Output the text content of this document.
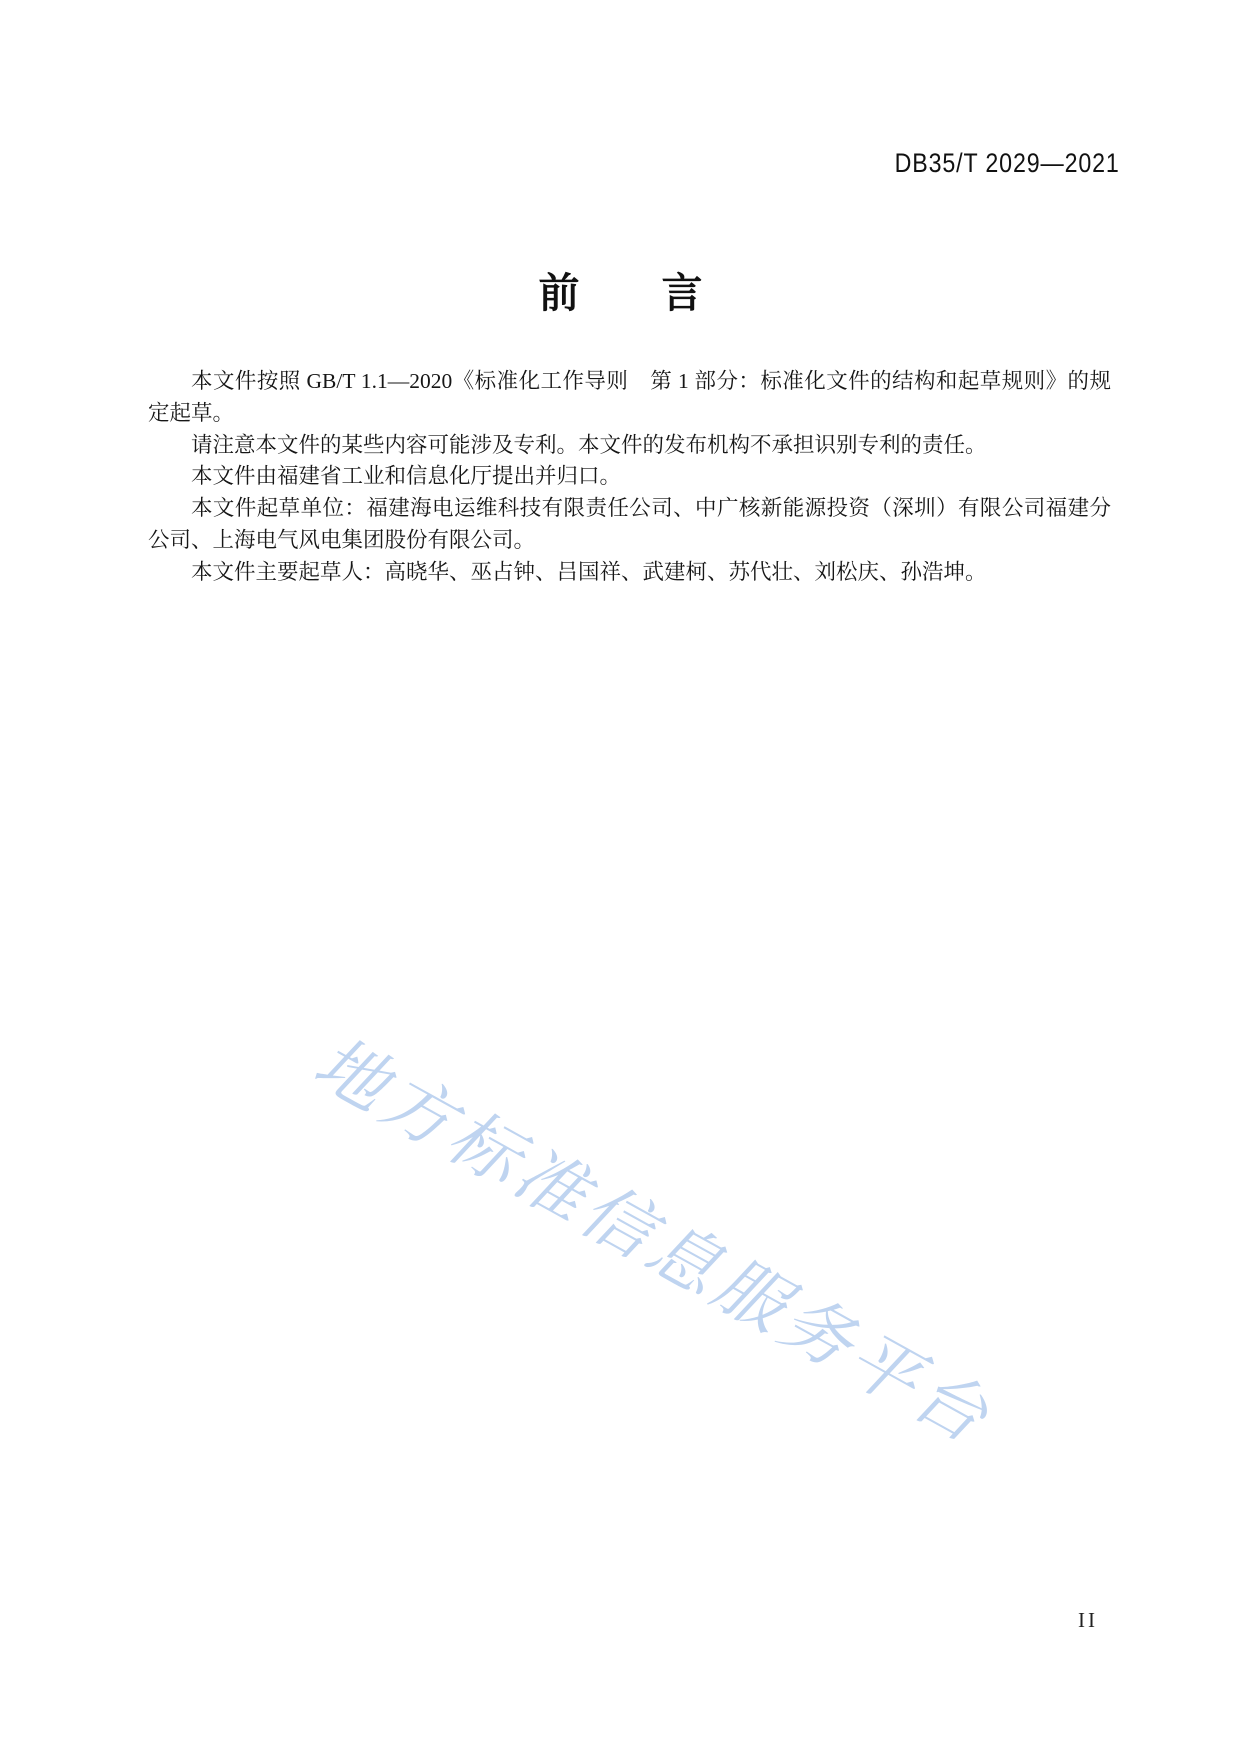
DB35/T 2029—2021
前　　言

本文件按照 GB/T 1.1—2020《标准化工作导则　第 1 部分：标准化文件的结构和起草规则》的规定起草。

请注意本文件的某些内容可能涉及专利。本文件的发布机构不承担识别专利的责任。

本文件由福建省工业和信息化厅提出并归口。

本文件起草单位：福建海电运维科技有限责任公司、中广核新能源投资（深圳）有限公司福建分公司、上海电气风电集团股份有限公司。

本文件主要起草人：高晓华、巫占钟、吕国祥、武建柯、苏代壮、刘松庆、孙浩坤。

地方标准信息服务平台
II
